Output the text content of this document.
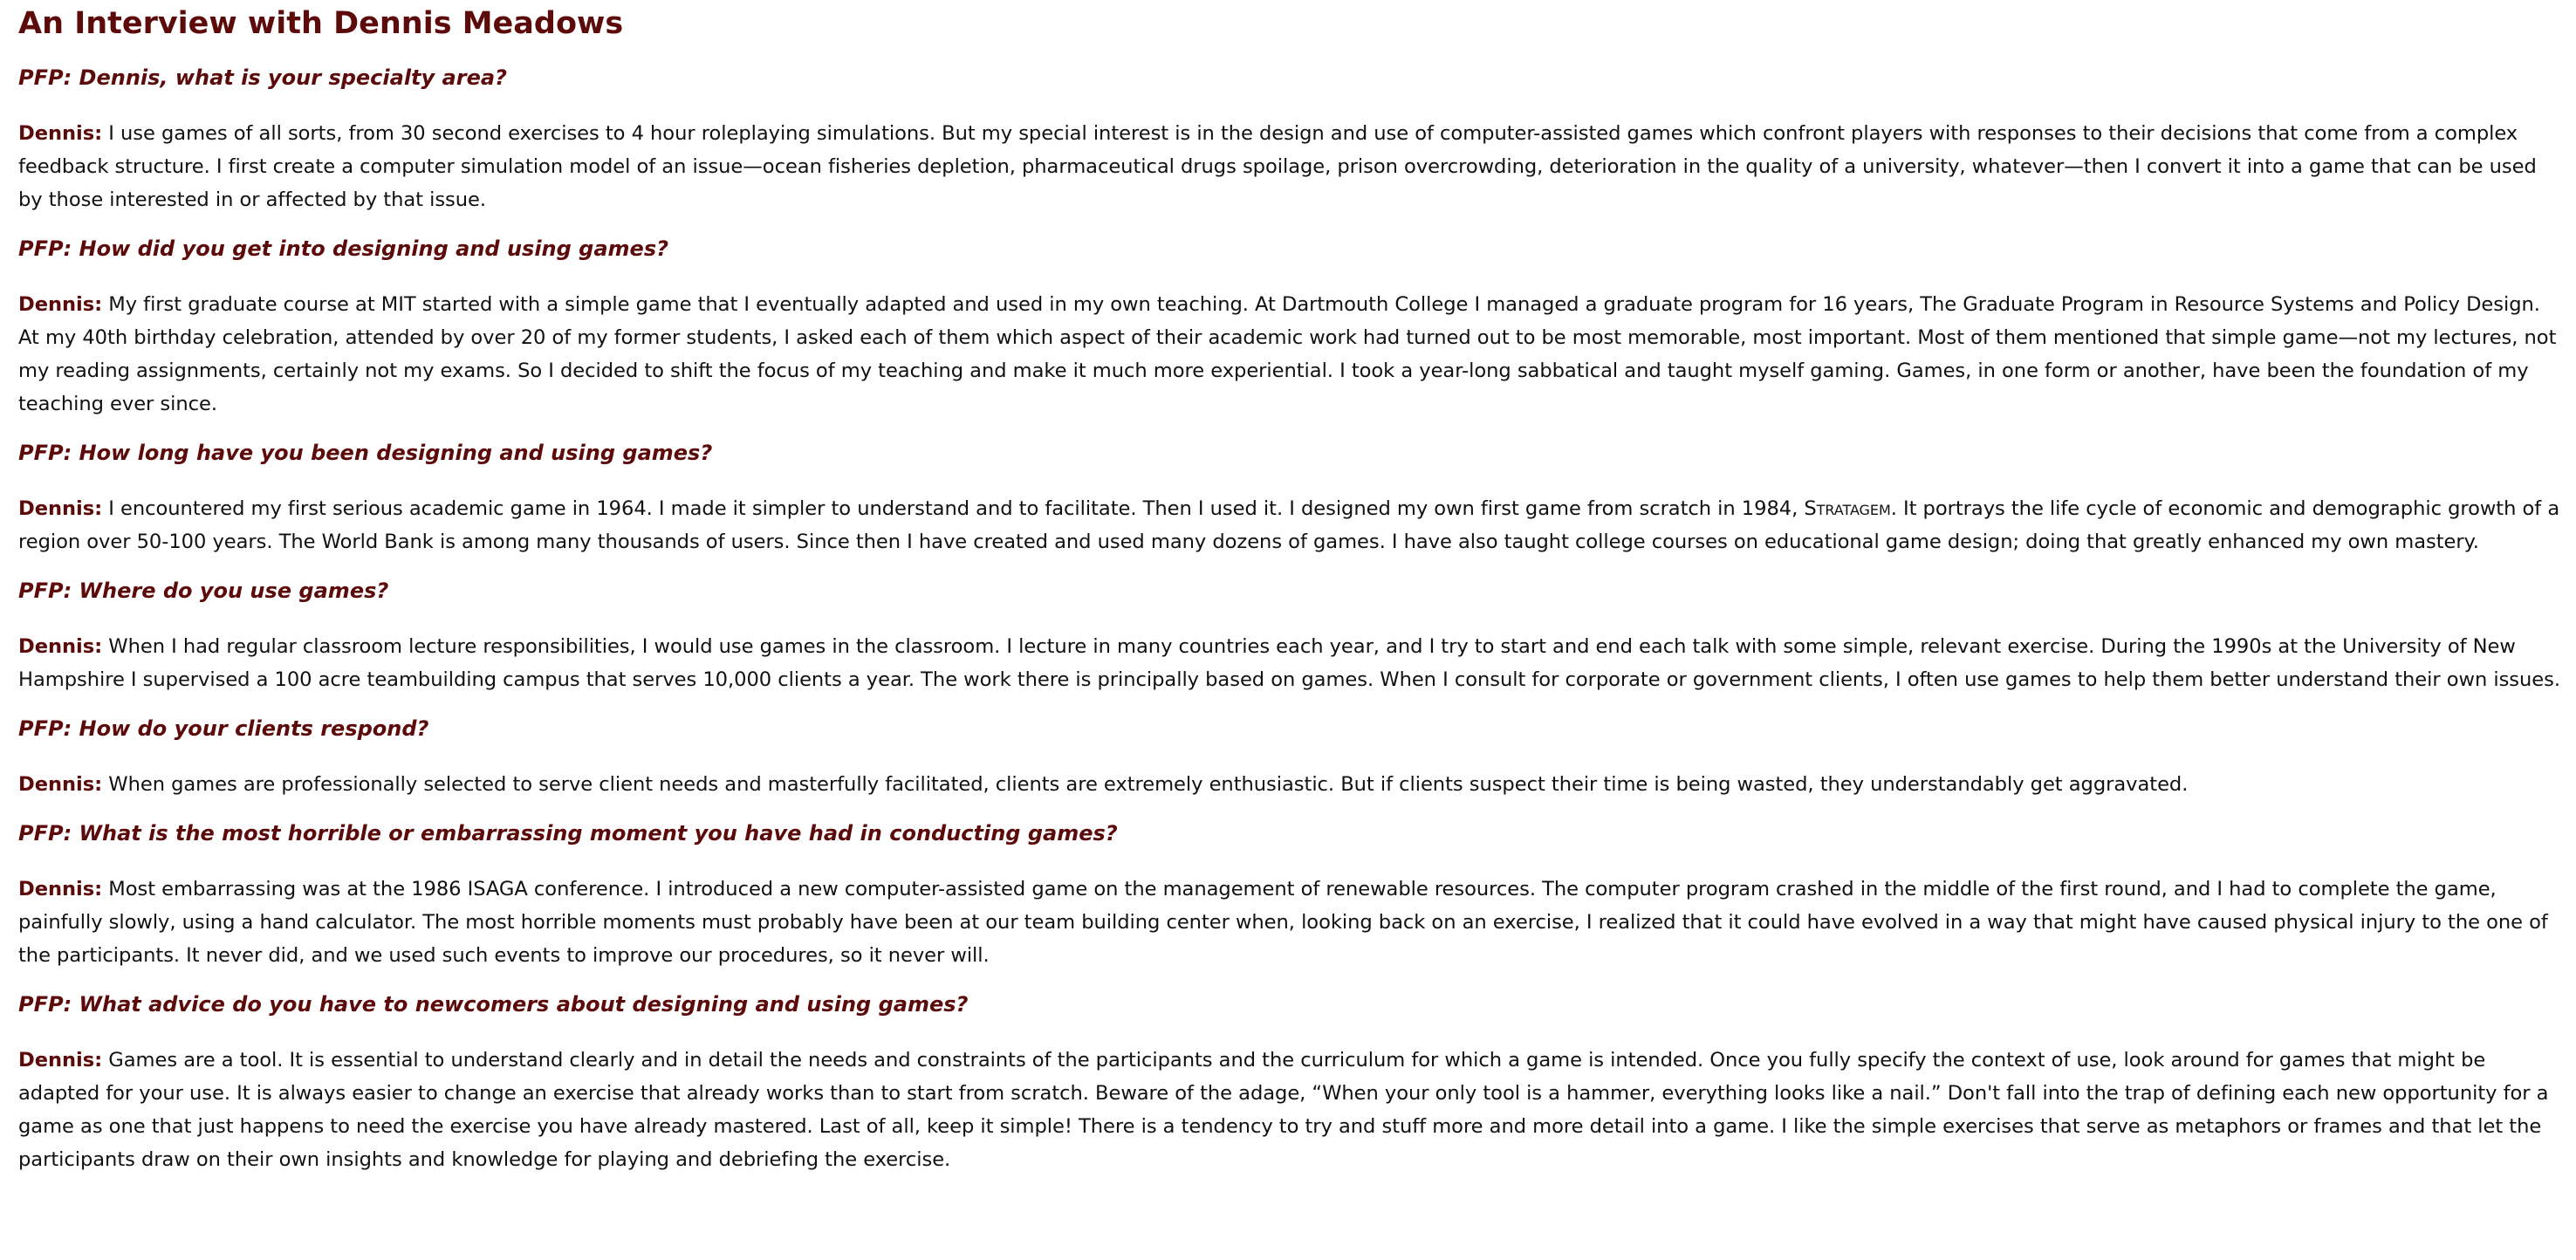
An Interview with Dennis Meadows

PFP: Dennis, what is your specialty area?

Dennis: I use games of all sorts, from 30 second exercises to 4 hour roleplaying simulations. But my special interest is in the design and use of computer-assisted games which confront players with responses to their decisions that come from a complex feedback structure. I first create a computer simulation model of an issue—ocean fisheries depletion, pharmaceutical drugs spoilage, prison overcrowding, deterioration in the quality of a university, whatever—then I convert it into a game that can be used by those interested in or affected by that issue.

PFP: How did you get into designing and using games?

Dennis: My first graduate course at MIT started with a simple game that I eventually adapted and used in my own teaching. At Dartmouth College I managed a graduate program for 16 years, The Graduate Program in Resource Systems and Policy Design. At my 40th birthday celebration, attended by over 20 of my former students, I asked each of them which aspect of their academic work had turned out to be most memorable, most important. Most of them mentioned that simple game—not my lectures, not my reading assignments, certainly not my exams. So I decided to shift the focus of my teaching and make it much more experiential. I took a year-long sabbatical and taught myself gaming. Games, in one form or another, have been the foundation of my teaching ever since.

PFP: How long have you been designing and using games?

Dennis: I encountered my first serious academic game in 1964. I made it simpler to understand and to facilitate. Then I used it. I designed my own first game from scratch in 1984, Stratagem. It portrays the life cycle of economic and demographic growth of a region over 50-100 years. The World Bank is among many thousands of users. Since then I have created and used many dozens of games. I have also taught college courses on educational game design; doing that greatly enhanced my own mastery.

PFP: Where do you use games?

Dennis: When I had regular classroom lecture responsibilities, I would use games in the classroom. I lecture in many countries each year, and I try to start and end each talk with some simple, relevant exercise. During the 1990s at the University of New Hampshire I supervised a 100 acre teambuilding campus that serves 10,000 clients a year. The work there is principally based on games. When I consult for corporate or government clients, I often use games to help them better understand their own issues.

PFP: How do your clients respond?

Dennis: When games are professionally selected to serve client needs and masterfully facilitated, clients are extremely enthusiastic. But if clients suspect their time is being wasted, they understandably get aggravated.

PFP: What is the most horrible or embarrassing moment you have had in conducting games?

Dennis: Most embarrassing was at the 1986 ISAGA conference. I introduced a new computer-assisted game on the management of renewable resources. The computer program crashed in the middle of the first round, and I had to complete the game, painfully slowly, using a hand calculator. The most horrible moments must probably have been at our team building center when, looking back on an exercise, I realized that it could have evolved in a way that might have caused physical injury to the one of the participants. It never did, and we used such events to improve our procedures, so it never will.

PFP: What advice do you have to newcomers about designing and using games?

Dennis: Games are a tool. It is essential to understand clearly and in detail the needs and constraints of the participants and the curriculum for which a game is intended. Once you fully specify the context of use, look around for games that might be adapted for your use. It is always easier to change an exercise that already works than to start from scratch. Beware of the adage, “When your only tool is a hammer, everything looks like a nail.” Don't fall into the trap of defining each new opportunity for a game as one that just happens to need the exercise you have already mastered. Last of all, keep it simple! There is a tendency to try and stuff more and more detail into a game. I like the simple exercises that serve as metaphors or frames and that let the participants draw on their own insights and knowledge for playing and debriefing the exercise.
